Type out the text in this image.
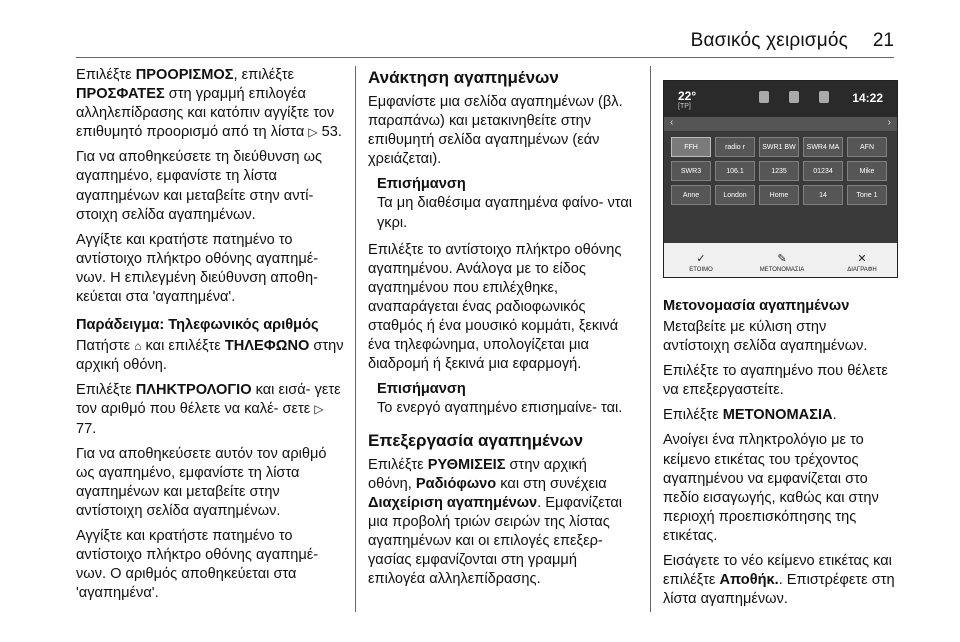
Βασικός χειρισμός 21

Επιλέξτε ΠΡΟΟΡΙΣΜΟΣ, επιλέξτε ΠΡΟΣΦΑΤΕΣ στη γραμμή επιλογέα αλληλεπίδρασης και κατόπιν αγγίξτε τον επιθυμητό προορισμό από τη λίστα ▷ 53.

Για να αποθηκεύσετε τη διεύθυνση ως αγαπημένο, εμφανίστε τη λίστα αγαπημένων και μεταβείτε στην αντί- στοιχη σελίδα αγαπημένων.

Αγγίξτε και κρατήστε πατημένο το αντίστοιχο πλήκτρο οθόνης αγαπημέ- νων. Η επιλεγμένη διεύθυνση αποθη- κεύεται στα 'αγαπημένα'.

Παράδειγμα: Τηλεφωνικός αριθμός

Πατήστε ⌂ και επιλέξτε ΤΗΛΕΦΩΝΟ στην αρχική οθόνη.

Επιλέξτε ΠΛΗΚΤΡΟΛΟΓΙΟ και εισά- γετε τον αριθμό που θέλετε να καλέ- σετε ▷ 77.

Για να αποθηκεύσετε αυτόν τον αριθμό ως αγαπημένο, εμφανίστε τη λίστα αγαπημένων και μεταβείτε στην αντίστοιχη σελίδα αγαπημένων.

Αγγίξτε και κρατήστε πατημένο το αντίστοιχο πλήκτρο οθόνης αγαπημέ- νων. Ο αριθμός αποθηκεύεται στα 'αγαπημένα'.

Ανάκτηση αγαπημένων

Εμφανίστε μια σελίδα αγαπημένων (βλ. παραπάνω) και μετακινηθείτε στην επιθυμητή σελίδα αγαπημένων (εάν χρειάζεται).

Επισήμανση
Τα μη διαθέσιμα αγαπημένα φαίνο- νται γκρι.

Επιλέξτε το αντίστοιχο πλήκτρο οθόνης αγαπημένου. Ανάλογα με το είδος αγαπημένου που επιλέχθηκε, αναπαράγεται ένας ραδιοφωνικός σταθμός ή ένα μουσικό κομμάτι, ξεκινά ένα τηλεφώνημα, υπολογίζεται μια διαδρομή ή ξεκινά μια εφαρμογή.

Επισήμανση
Το ενεργό αγαπημένο επισημαίνε- ται.
Επεξεργασία αγαπημένων

Επιλέξτε ΡΥΘΜΙΣΕΙΣ στην αρχική οθόνη, Ραδιόφωνο και στη συνέχεια Διαχείριση αγαπημένων. Εμφανίζεται μια προβολή τριών σειρών της λίστας αγαπημένων και οι επιλογές επεξερ- γασίας εμφανίζονται στη γραμμή επιλογέα αλληλεπίδρασης.

22°
[TP]
14:22
‹	›
FFH	radio r	SWR1 BW	SWR4 MA	AFN
SWR3	106.1	1235	01234	Mike
Anne	London	Home	14	Tone 1
✓
ΕΤΟΙΜΟ
✎
ΜΕΤΟΝΟΜΑΣΙΑ
✕
ΔΙΑΓΡΑΦΗ
Μετονομασία αγαπημένων

Μεταβείτε με κύλιση στην αντίστοιχη σελίδα αγαπημένων.

Επιλέξτε το αγαπημένο που θέλετε να επεξεργαστείτε.

Επιλέξτε ΜΕΤΟΝΟΜΑΣΙΑ.

Ανοίγει ένα πληκτρολόγιο με το κείμενο ετικέτας του τρέχοντος αγαπημένου να εμφανίζεται στο πεδίο εισαγωγής, καθώς και στην περιοχή προεπισκόπησης της ετικέτας.

Εισάγετε το νέο κείμενο ετικέτας και επιλέξτε Αποθήκ.. Επιστρέφετε στη λίστα αγαπημένων.
